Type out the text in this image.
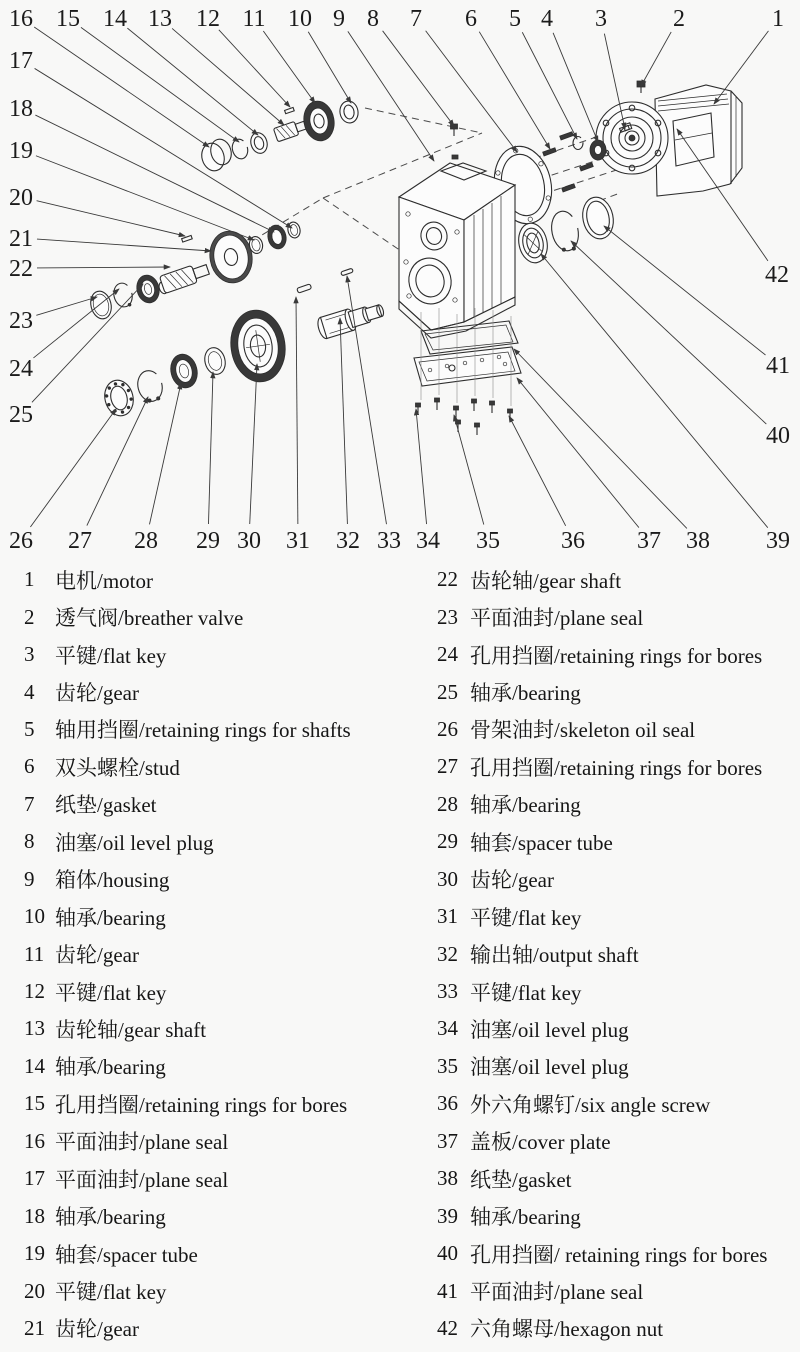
1
2
3
4
5
6
7
8
9
10
11
12
13
14
15
16
17
18
19
20
21
22
23
24
25
26 27 28 29 30 31 32 33 34 35	36 37 38 39
40
41
42
1 电机/motor
2 透气阀/breather valve
3 平键/flat key
4 齿轮/gear
5 轴用挡圈/retaining rings for shafts
6 双头螺栓/stud
7 纸垫/gasket
8 油塞/oil level plug
9 箱体/housing
10 轴承/bearing
11 齿轮/gear
12 平键/flat key
13 齿轮轴/gear shaft
14 轴承/bearing
15 孔用挡圈/retaining rings for bores
16 平面油封/plane seal
17 平面油封/plane seal
18 轴承/bearing
19 轴套/spacer tube
20 平键/flat key
21 齿轮/gear
22 齿轮轴/gear shaft
23 平面油封/plane seal
24 孔用挡圈/retaining rings for bores
25 轴承/bearing
26 骨架油封/skeleton oil seal
27 孔用挡圈/retaining rings for bores
28 轴承/bearing
29 轴套/spacer tube
30 齿轮/gear
31 平键/flat key
32 输出轴/output shaft
33 平键/flat key
34 油塞/oil level plug
35 油塞/oil level plug
36 外六角螺钉/six angle screw
37 盖板/cover plate
38 纸垫/gasket
39 轴承/bearing
40 孔用挡圈/ retaining rings for bores
41 平面油封/plane seal
42 六角螺母/hexagon nut
